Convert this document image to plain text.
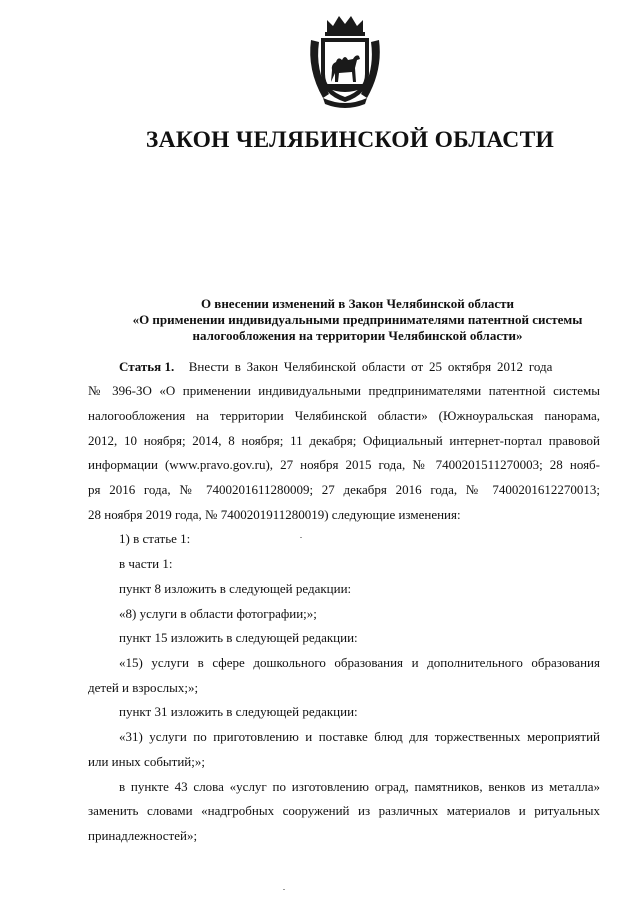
ЗАКОН ЧЕЛЯБИНСКОЙ ОБЛАСТИ
О внесении изменений в Закон Челябинской области
«О применении индивидуальными предпринимателями патентной системы
налогообложения на территории Челябинской области»
Статья 1. Внести в Закон Челябинской области от 25 октября 2012 года
№ 396-ЗО «О применении индивидуальными предпринимателями патентной системы
налогообложения на территории Челябинской области» (Южноуральская панорама,
2012, 10 ноября; 2014, 8 ноября; 11 декабря; Официальный интернет-портал правовой
информации (www.pravo.gov.ru), 27 ноября 2015 года, № 7400201511270003; 28 нояб-
ря 2016 года, № 7400201611280009; 27 декабря 2016 года, № 7400201612270013;
28 ноября 2019 года, № 7400201911280019) следующие изменения:
1) в статье 1:
в части 1:
пункт 8 изложить в следующей редакции:
«8) услуги в области фотографии;»;
пункт 15 изложить в следующей редакции:
«15) услуги в сфере дошкольного образования и дополнительного образования
детей и взрослых;»;
пункт 31 изложить в следующей редакции:
«31) услуги по приготовлению и поставке блюд для торжественных мероприятий
или иных событий;»;
в пункте 43 слова «услуг по изготовлению оград, памятников, венков из металла»
заменить словами «надгробных сооружений из различных материалов и ритуальных
принадлежностей»;
